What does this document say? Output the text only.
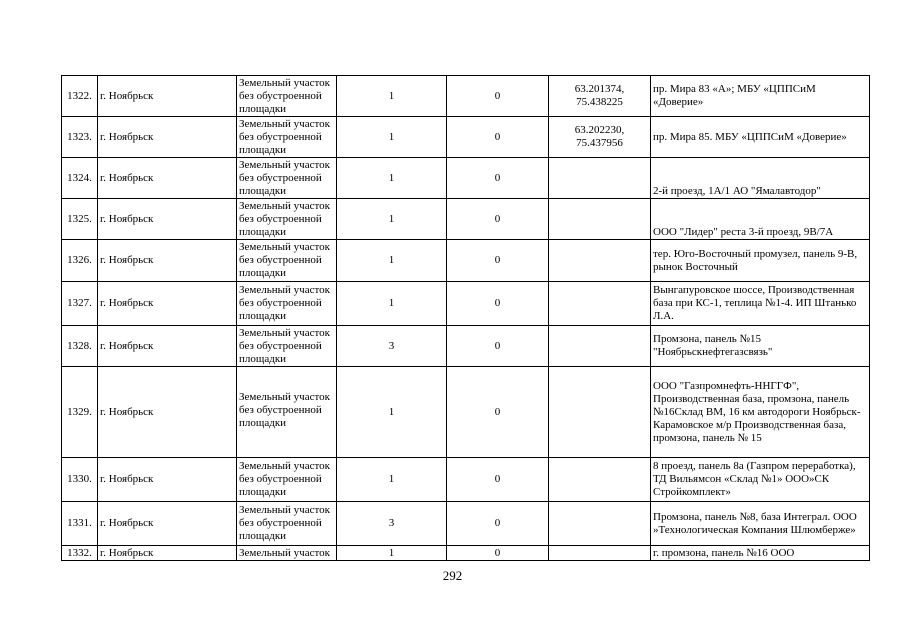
1322.	г. Ноябрьск	Земельный участок без обустроенной площадки	1	0	63.201374, 75.438225	пр. Мира 83 «А»; МБУ «ЦППСиМ «Доверие»
1323.	г. Ноябрьск	Земельный участок без обустроенной площадки	1	0	63.202230, 75.437956	пр. Мира 85. МБУ «ЦППСиМ «Доверие»
1324.	г. Ноябрьск	Земельный участок без обустроенной площадки	1	0		2-й проезд, 1А/1 АО "Ямалавтодор"
1325.	г. Ноябрьск	Земельный участок без обустроенной площадки	1	0		ООО "Лидер" реста 3-й проезд, 9В/7А
1326.	г. Ноябрьск	Земельный участок без обустроенной площадки	1	0		тер. Юго-Восточный промузел, панель 9-В, рынок Восточный
1327.	г. Ноябрьск	Земельный участок без обустроенной площадки	1	0		Вынгапуровское шоссе, Производственная база при КС-1, теплица №1-4. ИП Штанько Л.А.
1328.	г. Ноябрьск	Земельный участок без обустроенной площадки	3	0		Промзона, панель №15 "Ноябрьскнефтегазсвязь"
1329.	г. Ноябрьск	Земельный участок без обустроенной площадки	1	0		ООО "Газпромнефть-ННГГФ", Производственная база, промзона, панель №16Склад ВМ, 16 км автодороги Ноябрьск-Карамовское м/р Производственная база, промзона, панель № 15
1330.	г. Ноябрьск	Земельный участок без обустроенной площадки	1	0		8 проезд, панель 8а (Газпром переработка), ТД Вильямсон «Склад №1» ООО»СК Стройкомплект»
1331.	г. Ноябрьск	Земельный участок без обустроенной площадки	3	0		Промзона, панель №8, база Интеграл. ООО »Технологическая Компания Шлюмберже»
1332.	г. Ноябрьск	Земельный участок	1	0		г. промзона, панель №16 ООО
292
